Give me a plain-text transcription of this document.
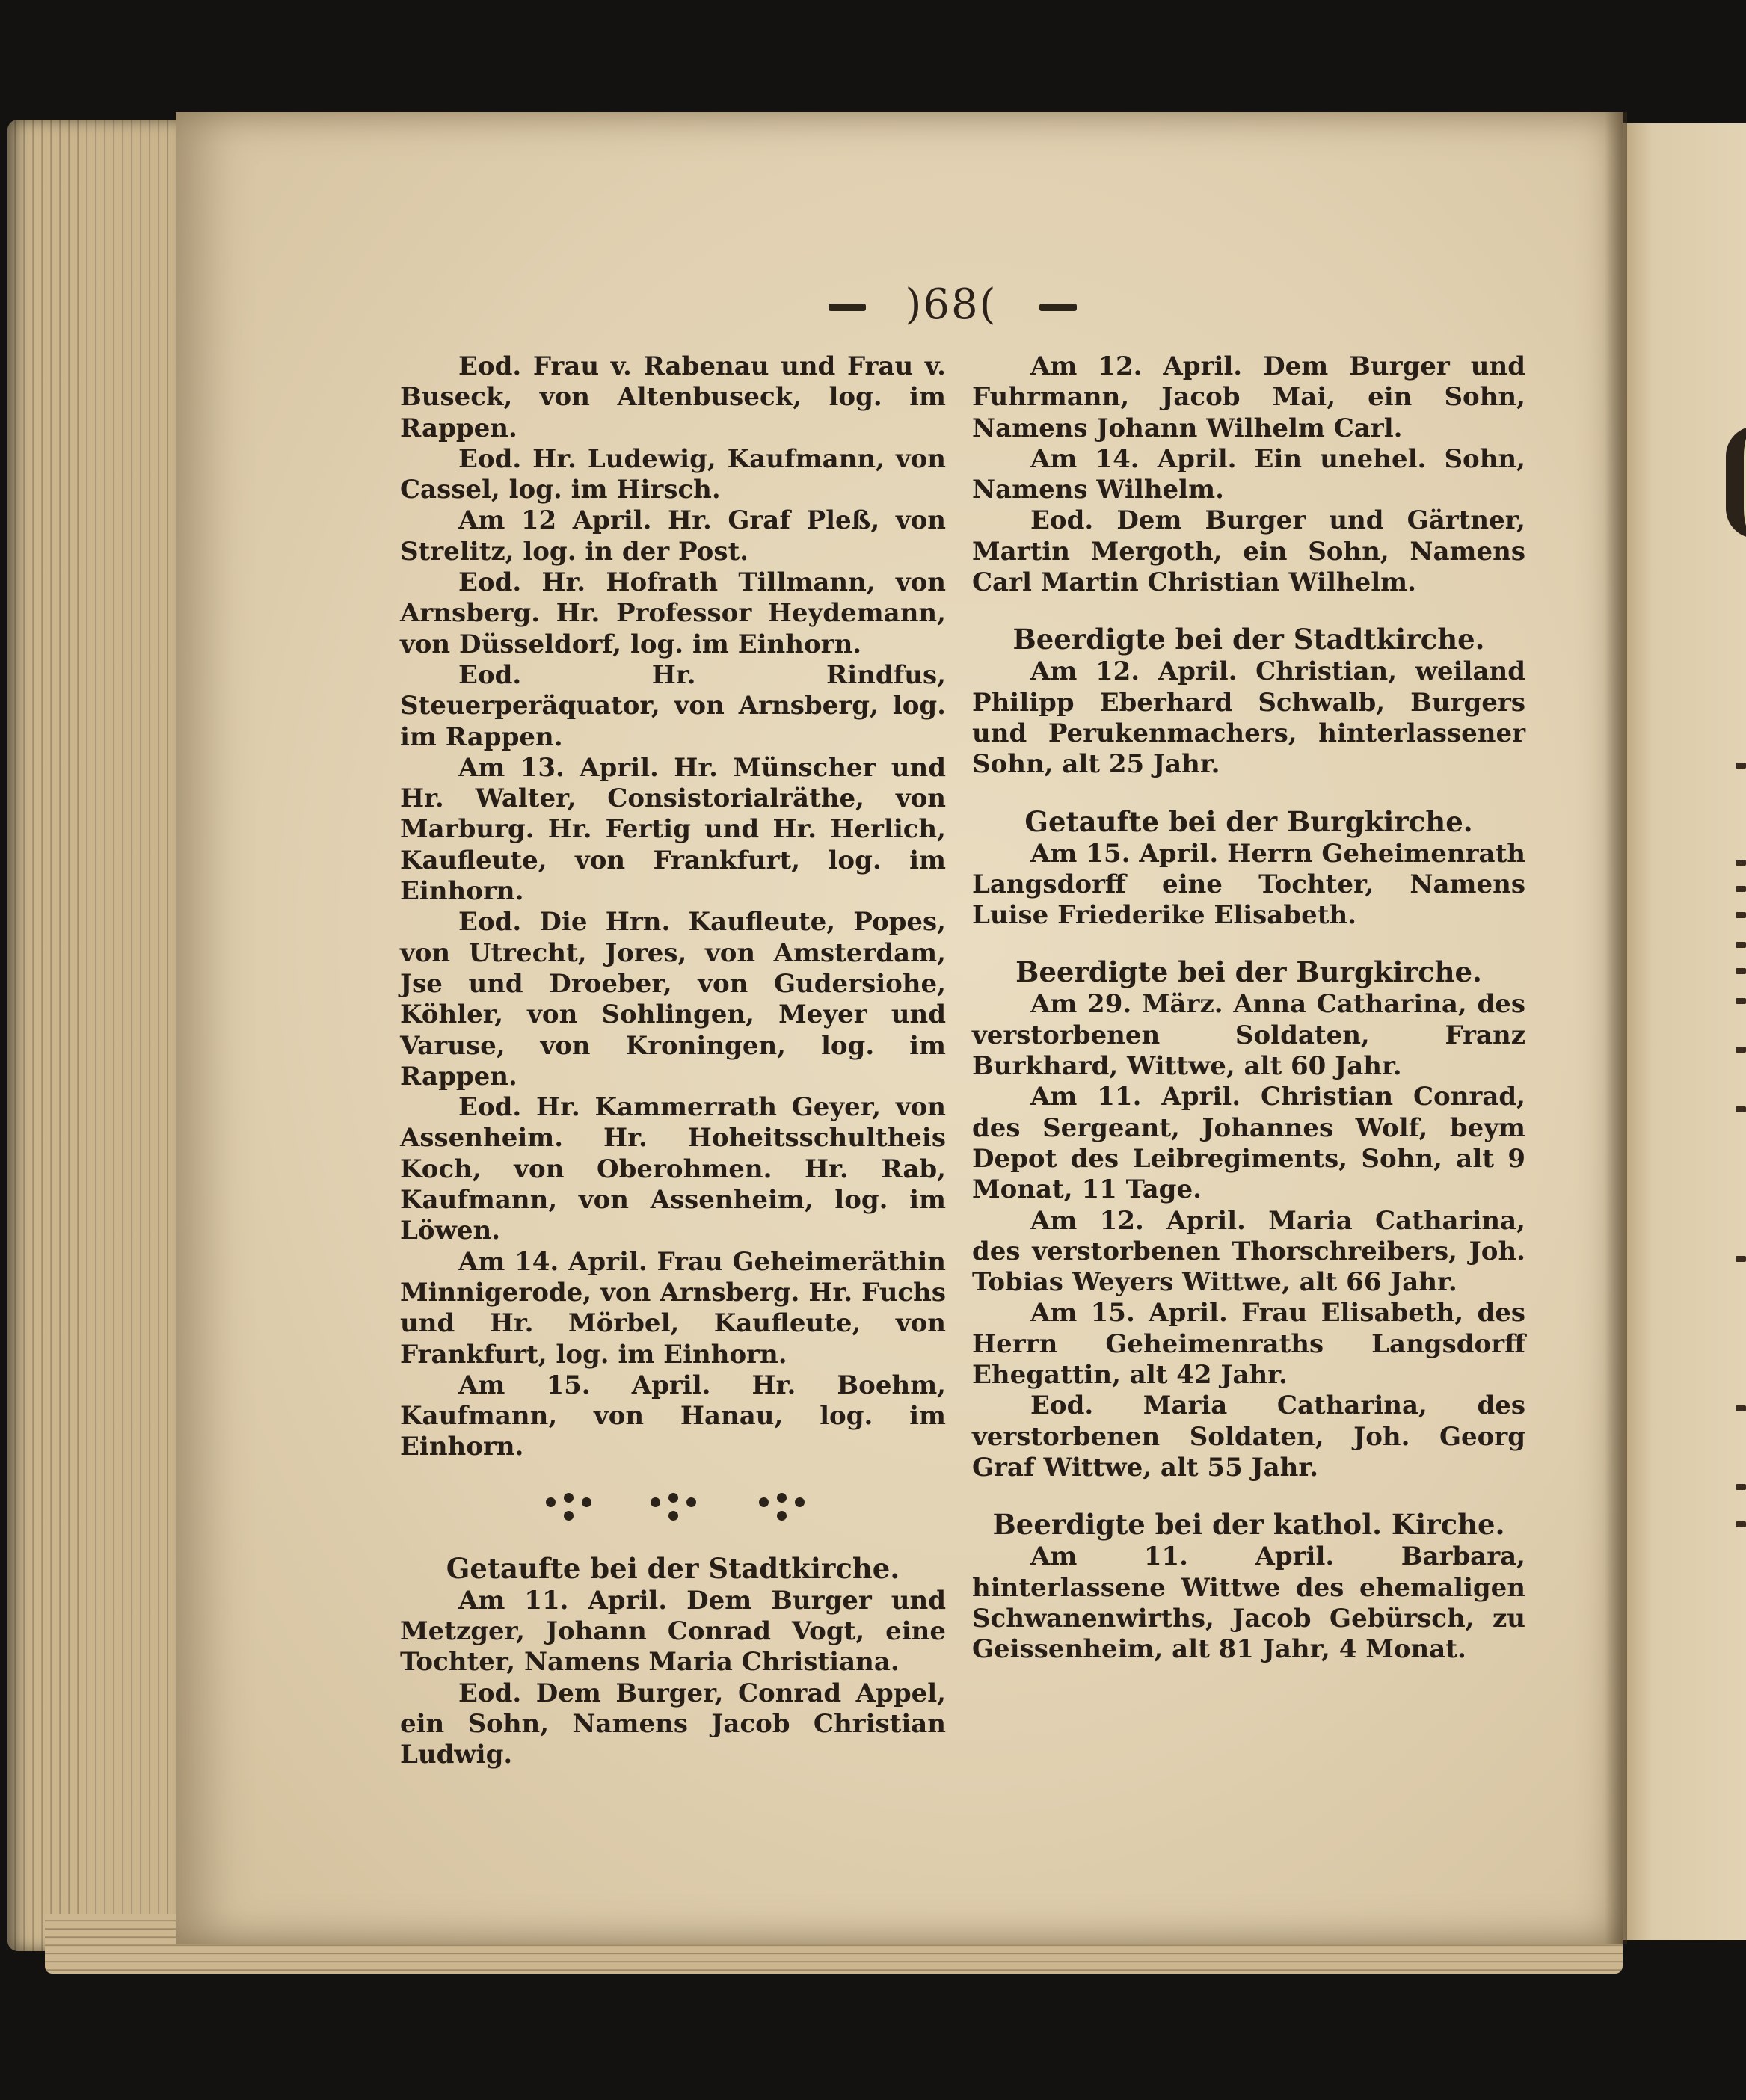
)68(

Eod. Frau v. Rabenau und Frau v. Buseck, von Altenbuseck, log. im Rappen.

Eod. Hr. Ludewig, Kaufmann, von Cassel, log. im Hirsch.

Am 12 April. Hr. Graf Pleß, von Strelitz, log. in der Post.

Eod. Hr. Hofrath Tillmann, von Arnsberg. Hr. Professor Heydemann, von Düsseldorf, log. im Einhorn.

Eod. Hr. Rindfus, Steuerperäquator, von Arnsberg, log. im Rappen.

Am 13. April. Hr. Münscher und Hr. Walter, Consistorialräthe, von Marburg. Hr. Fertig und Hr. Herlich, Kaufleute, von Frankfurt, log. im Einhorn.

Eod. Die Hrn. Kaufleute, Popes, von Utrecht, Jores, von Amsterdam, Jse und Droeber, von Gudersiohe, Köhler, von Sohlingen, Meyer und Varuse, von Kroningen, log. im Rappen.

Eod. Hr. Kammerrath Geyer, von Assenheim. Hr. Hoheitsschultheis Koch, von Oberohmen. Hr. Rab, Kaufmann, von Assenheim, log. im Löwen.

Am 14. April. Frau Geheimeräthin Minnigerode, von Arnsberg. Hr. Fuchs und Hr. Mörbel, Kaufleute, von Frankfurt, log. im Einhorn.

Am 15. April. Hr. Boehm, Kaufmann, von Hanau, log. im Einhorn.

Getaufte bei der Stadtkirche.

Am 11. April. Dem Burger und Metzger, Johann Conrad Vogt, eine Tochter, Namens Maria Christiana.

Eod. Dem Burger, Conrad Appel, ein Sohn, Namens Jacob Christian Ludwig.

Am 12. April. Dem Burger und Fuhrmann, Jacob Mai, ein Sohn, Namens Johann Wilhelm Carl.

Am 14. April. Ein unehel. Sohn, Namens Wilhelm.

Eod. Dem Burger und Gärtner, Martin Mergoth, ein Sohn, Namens Carl Martin Christian Wilhelm.

Beerdigte bei der Stadtkirche.

Am 12. April. Christian, weiland Philipp Eberhard Schwalb, Burgers und Perukenmachers, hinterlassener Sohn, alt 25 Jahr.

Getaufte bei der Burgkirche.

Am 15. April. Herrn Geheimenrath Langsdorff eine Tochter, Namens Luise Friederike Elisabeth.

Beerdigte bei der Burgkirche.

Am 29. März. Anna Catharina, des verstorbenen Soldaten, Franz Burkhard, Wittwe, alt 60 Jahr.

Am 11. April. Christian Conrad, des Sergeant, Johannes Wolf, beym Depot des Leibregiments, Sohn, alt 9 Monat, 11 Tage.

Am 12. April. Maria Catharina, des verstorbenen Thorschreibers, Joh. Tobias Weyers Wittwe, alt 66 Jahr.

Am 15. April. Frau Elisabeth, des Herrn Geheimenraths Langsdorff Ehegattin, alt 42 Jahr.

Eod. Maria Catharina, des verstorbenen Soldaten, Joh. Georg Graf Wittwe, alt 55 Jahr.

Beerdigte bei der kathol. Kirche.

Am 11. April. Barbara, hinterlassene Wittwe des ehemaligen Schwanenwirths, Jacob Gebürsch, zu Geissenheim, alt 81 Jahr, 4 Monat.
